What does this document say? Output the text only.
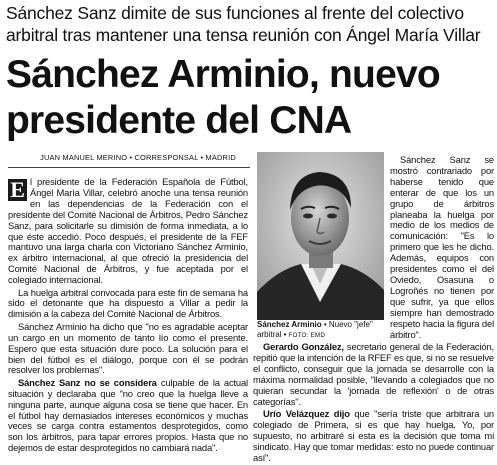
Sánchez Sanz dimite de sus funciones al frente del colectivo arbitral tras mantener una tensa reunión con Ángel María Villar
Sánchez Arminio, nuevo presidente del CNA
JUAN MANUEL MERINO • CORRESPONSAL • MADRID

E l presidente de la Federación Española de Fútbol, Ángel María Villar, celebró anoche una tensa reunión en las dependencias de la Federación con el presidente del Comité Nacional de Árbitros, Pedro Sánchez Sanz, para solicitarle su dimisión de forma inmediata, a lo que éste accedió. Poco después, el presidente de la FEF mantuvo una larga charla con Victoriano Sánchez Arminio, ex árbitro internacional, al que ofreció la presidencia del Comité Nacional de Árbitros, y fue aceptada por el colegiado internacional.

La huelga arbitral convocada para este fin de semana ha sido el detonante que ha dispuesto a Villar a pedir la dimisión a la cabeza del Comité Nacional de Árbitros.

Sánchez Arminio ha dicho que "no es agradable aceptar un cargo en un momento de tanto lío como el presente. Espero que esta situación dure poco. La solución para el bien del fútbol es el diálogo, porque con él se podrán resolver los problemas".

Sánchez Sanz no se considera culpable de la actual situación y declaraba que "no creo que la huelga lleve a ninguna parte, aunque alguna cosa se tiene que hacer. En el fútbol hay demasiados intereses económicos y muchas veces se carga contra estamentos desprotegidos, como son los árbitros, para tapar errores propios. Hasta que no dejemos de estar desprotegidos no cambiará nada".

Sánchez Arminio • Nuevo "jefe" arbitral • FOTO: EMD

Sánchez Sanz se mostró contrariado por haberse tenido que enterar de que los un grupo de árbitros planeaba la huelga por medio de los medios de comunicación: "Es lo primero que les he dicho. Además, equipos con presidentes como el del Oviedo, Osasuna o Logroñés no tienen por que sufrir, ya que ellos siempre han demostrado respeto hacia la figura del árbitro".

Gerardo González, secretario general de la Federación, repitió que la intención de la RFEF es que, si no se resuelve el conflicto, conseguir que la jornada se desarrolle con la máxima normalidad posible, "llevando a colegiados que no quieran secundar la 'jornada de reflexión' o de otras categorías".

Urío Velázquez dijo que "sería triste que arbitrara un colegiado de Primera, si es que hay huelga. Yo, por supuesto, no arbitraré si esta es la decisión que toma mi sindicato. Hay que tomar medidas: esto no puede continuar así".
